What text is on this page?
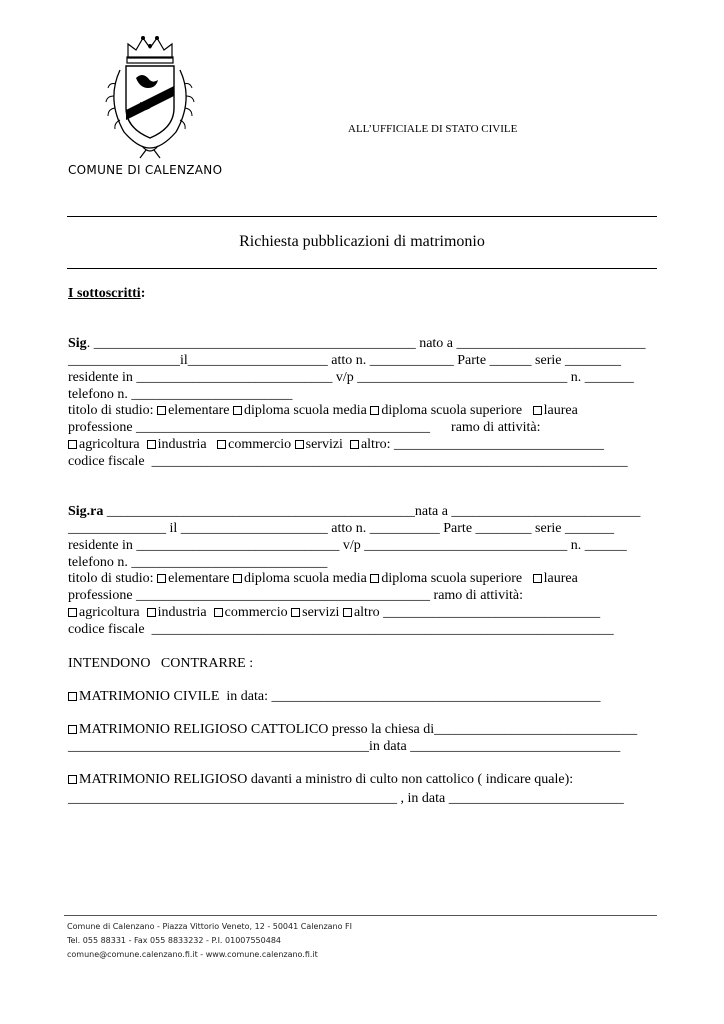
COMUNE DI CALENZANO
ALL’UFFICIALE DI STATO CIVILE
Richiesta pubblicazioni di matrimonio
I sottoscritti:
Sig. ______________________________________________ nato a ___________________________
________________il____________________ atto n. ____________ Parte ______ serie ________
residente in ____________________________ v/p ______________________________ n. _______
telefono n. _______________________
titolo di studio: elementare diploma scuola media diploma scuola superiore laurea
professione __________________________________________      ramo di attività:
agricoltura industria commercio servizi altro: ______________________________
codice fiscale  ____________________________________________________________________
Sig.ra ____________________________________________nata a ___________________________
______________ il _____________________ atto n. __________ Parte ________ serie _______
residente in _____________________________ v/p _____________________________ n. ______
telefono n. ____________________________
titolo di studio: elementare diploma scuola media diploma scuola superiore laurea
professione __________________________________________ ramo di attività:
agricoltura industria commercio servizi altro _______________________________
codice fiscale  __________________________________________________________________
INTENDONO   CONTRARRE :
MATRIMONIO CIVILE  in data: _______________________________________________
MATRIMONIO RELIGIOSO CATTOLICO presso la chiesa di_____________________________
___________________________________________in data ______________________________
MATRIMONIO RELIGIOSO davanti a ministro di culto non cattolico ( indicare quale):
_______________________________________________ , in data _________________________
Comune di Calenzano - Piazza Vittorio Veneto, 12 - 50041 Calenzano FI
Tel. 055 88331 - Fax 055 8833232 - P.I. 01007550484
comune@comune.calenzano.fi.it - www.comune.calenzano.fi.it
